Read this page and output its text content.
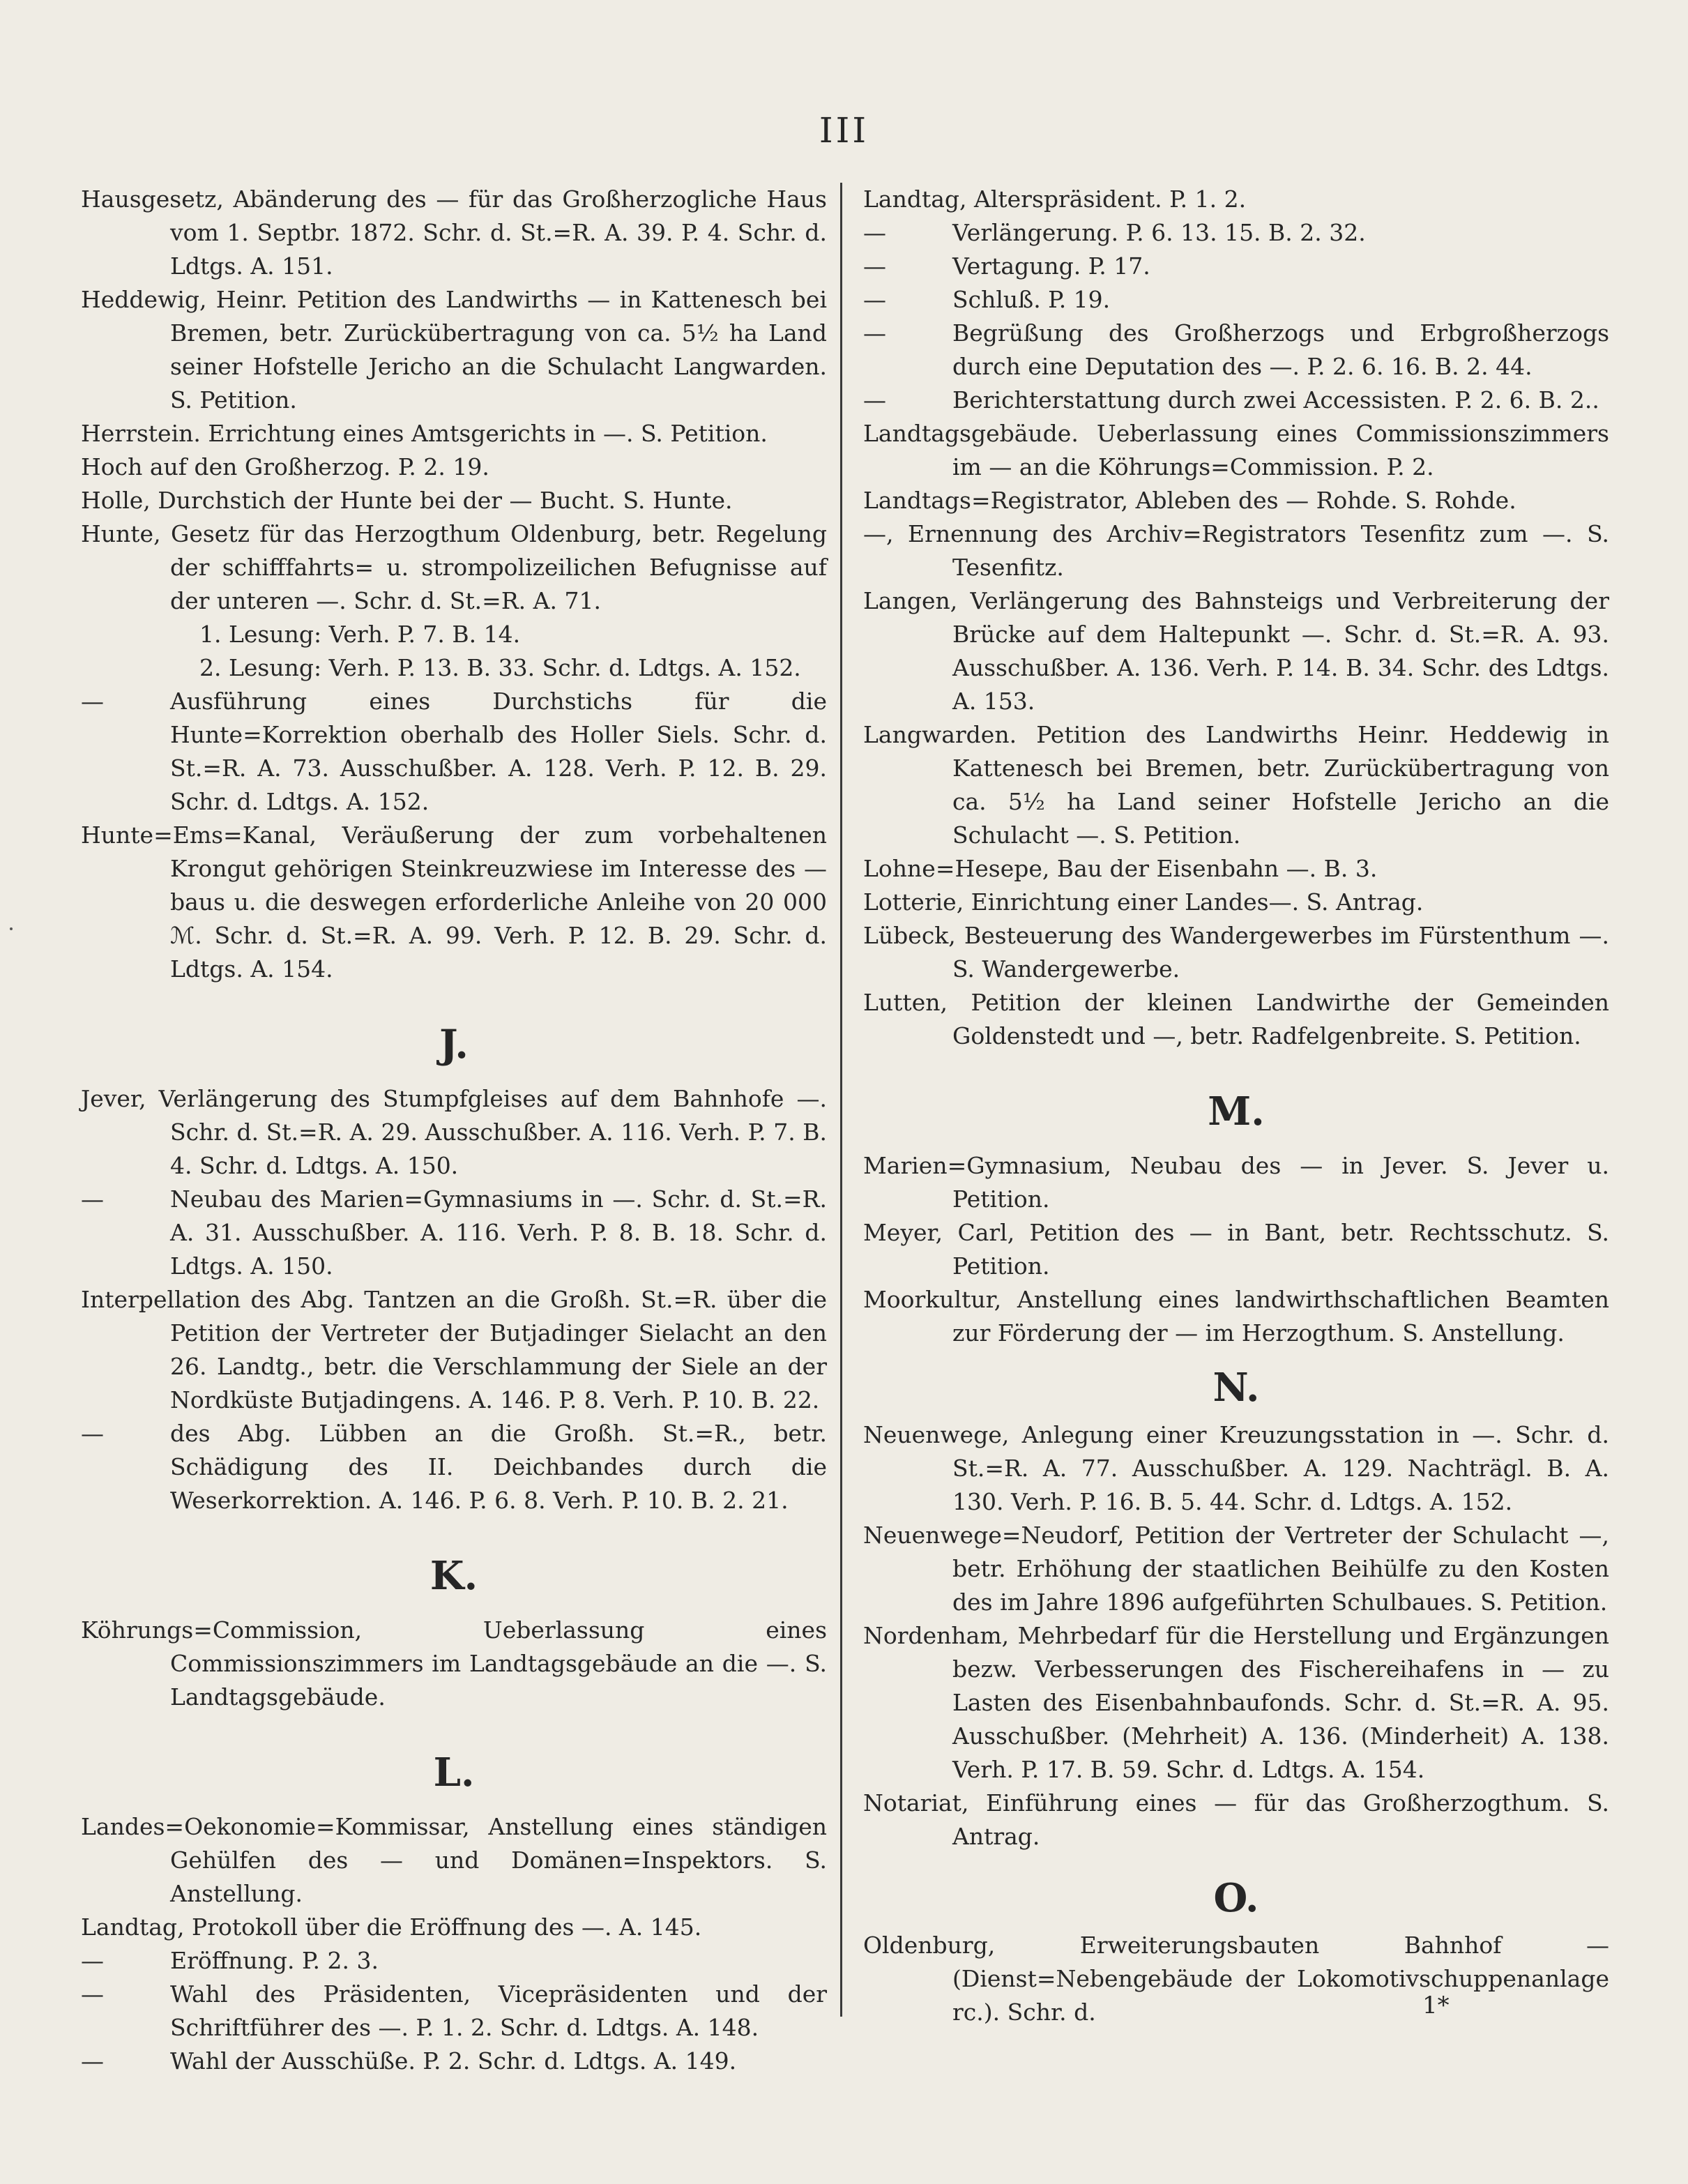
III

Hausgesetz, Abänderung des — für das Großherzogliche Haus vom 1. Septbr. 1872. Schr. d. St.=R. A. 39. P. 4. Schr. d. Ldtgs. A. 151.

Heddewig, Heinr. Petition des Landwirths — in Kattenesch bei Bremen, betr. Zurückübertragung von ca. 5½ ha Land seiner Hofstelle Jericho an die Schulacht Langwarden. S. Petition.

Herrstein. Errichtung eines Amtsgerichts in —. S. Petition.

Hoch auf den Großherzog. P. 2. 19.

Holle, Durchstich der Hunte bei der — Bucht. S. Hunte.

Hunte, Gesetz für das Herzogthum Oldenburg, betr. Regelung der schifffahrts= u. strompolizeilichen Befugnisse auf der unteren —. Schr. d. St.=R. A. 71.

1. Lesung: Verh. P. 7. B. 14.

2. Lesung: Verh. P. 13. B. 33. Schr. d. Ldtgs. A. 152.

—	Ausführung eines Durchstichs für die Hunte=Korrektion oberhalb des Holler Siels. Schr. d. St.=R. A. 73. Ausschußber. A. 128. Verh. P. 12. B. 29. Schr. d. Ldtgs. A. 152.

Hunte=Ems=Kanal, Veräußerung der zum vorbehaltenen Krongut gehörigen Steinkreuzwiese im Interesse des —baus u. die deswegen erforderliche Anleihe von 20 000 ℳ. Schr. d. St.=R. A. 99. Verh. P. 12. B. 29. Schr. d. Ldtgs. A. 154.

J.

Jever, Verlängerung des Stumpfgleises auf dem Bahnhofe —. Schr. d. St.=R. A. 29. Ausschußber. A. 116. Verh. P. 7. B. 4. Schr. d. Ldtgs. A. 150.

—	Neubau des Marien=Gymnasiums in —. Schr. d. St.=R. A. 31. Ausschußber. A. 116. Verh. P. 8. B. 18. Schr. d. Ldtgs. A. 150.

Interpellation des Abg. Tantzen an die Großh. St.=R. über die Petition der Vertreter der Butjadinger Sielacht an den 26. Landtg., betr. die Verschlammung der Siele an der Nordküste Butjadingens. A. 146. P. 8. Verh. P. 10. B. 22.

—	des Abg. Lübben an die Großh. St.=R., betr. Schädigung des II. Deichbandes durch die Weserkorrektion. A. 146. P. 6. 8. Verh. P. 10. B. 2. 21.

K.

Köhrungs=Commission, Ueberlassung eines Commissionszimmers im Landtagsgebäude an die —. S. Landtagsgebäude.

L.

Landes=Oekonomie=Kommissar, Anstellung eines ständigen Gehülfen des — und Domänen=Inspektors. S. Anstellung.

Landtag, Protokoll über die Eröffnung des —. A. 145.

—	Eröffnung. P. 2. 3.

—	Wahl des Präsidenten, Vicepräsidenten und der Schriftführer des —. P. 1. 2. Schr. d. Ldtgs. A. 148.

—	Wahl der Ausschüße. P. 2. Schr. d. Ldtgs. A. 149.

Landtag, Alterspräsident. P. 1. 2.

—	Verlängerung. P. 6. 13. 15. B. 2. 32.

—	Vertagung. P. 17.

—	Schluß. P. 19.

—	Begrüßung des Großherzogs und Erbgroßherzogs durch eine Deputation des —. P. 2. 6. 16. B. 2. 44.

—	Berichterstattung durch zwei Accessisten. P. 2. 6. B. 2..

Landtagsgebäude. Ueberlassung eines Commissionszimmers im — an die Köhrungs=Commission. P. 2.

Landtags=Registrator, Ableben des — Rohde. S. Rohde.

—, Ernennung des Archiv=Registrators Tesenfitz zum —. S. Tesenfitz.

Langen, Verlängerung des Bahnsteigs und Verbreiterung der Brücke auf dem Haltepunkt —. Schr. d. St.=R. A. 93. Ausschußber. A. 136. Verh. P. 14. B. 34. Schr. des Ldtgs. A. 153.

Langwarden. Petition des Landwirths Heinr. Heddewig in Kattenesch bei Bremen, betr. Zurückübertragung von ca. 5½ ha Land seiner Hofstelle Jericho an die Schulacht —. S. Petition.

Lohne=Hesepe, Bau der Eisenbahn —. B. 3.

Lotterie, Einrichtung einer Landes—. S. Antrag.

Lübeck, Besteuerung des Wandergewerbes im Fürstenthum —. S. Wandergewerbe.

Lutten, Petition der kleinen Landwirthe der Gemeinden Goldenstedt und —, betr. Radfelgenbreite. S. Petition.

M.

Marien=Gymnasium, Neubau des — in Jever. S. Jever u. Petition.

Meyer, Carl, Petition des — in Bant, betr. Rechtsschutz. S. Petition.

Moorkultur, Anstellung eines landwirthschaftlichen Beamten zur Förderung der — im Herzogthum. S. Anstellung.

N.

Neuenwege, Anlegung einer Kreuzungsstation in —. Schr. d. St.=R. A. 77. Ausschußber. A. 129. Nachträgl. B. A. 130. Verh. P. 16. B. 5. 44. Schr. d. Ldtgs. A. 152.

Neuenwege=Neudorf, Petition der Vertreter der Schulacht —, betr. Erhöhung der staatlichen Beihülfe zu den Kosten des im Jahre 1896 aufgeführten Schulbaues. S. Petition.

Nordenham, Mehrbedarf für die Herstellung und Ergänzungen bezw. Verbesserungen des Fischereihafens in — zu Lasten des Eisenbahnbaufonds. Schr. d. St.=R. A. 95. Ausschußber. (Mehrheit) A. 136. (Minderheit) A. 138. Verh. P. 17. B. 59. Schr. d. Ldtgs. A. 154.

Notariat, Einführung eines — für das Großherzogthum. S. Antrag.

O.

Oldenburg, Erweiterungsbauten Bahnhof — (Dienst=Nebengebäude der Lokomotivschuppenanlage rc.). Schr. d.	1*
